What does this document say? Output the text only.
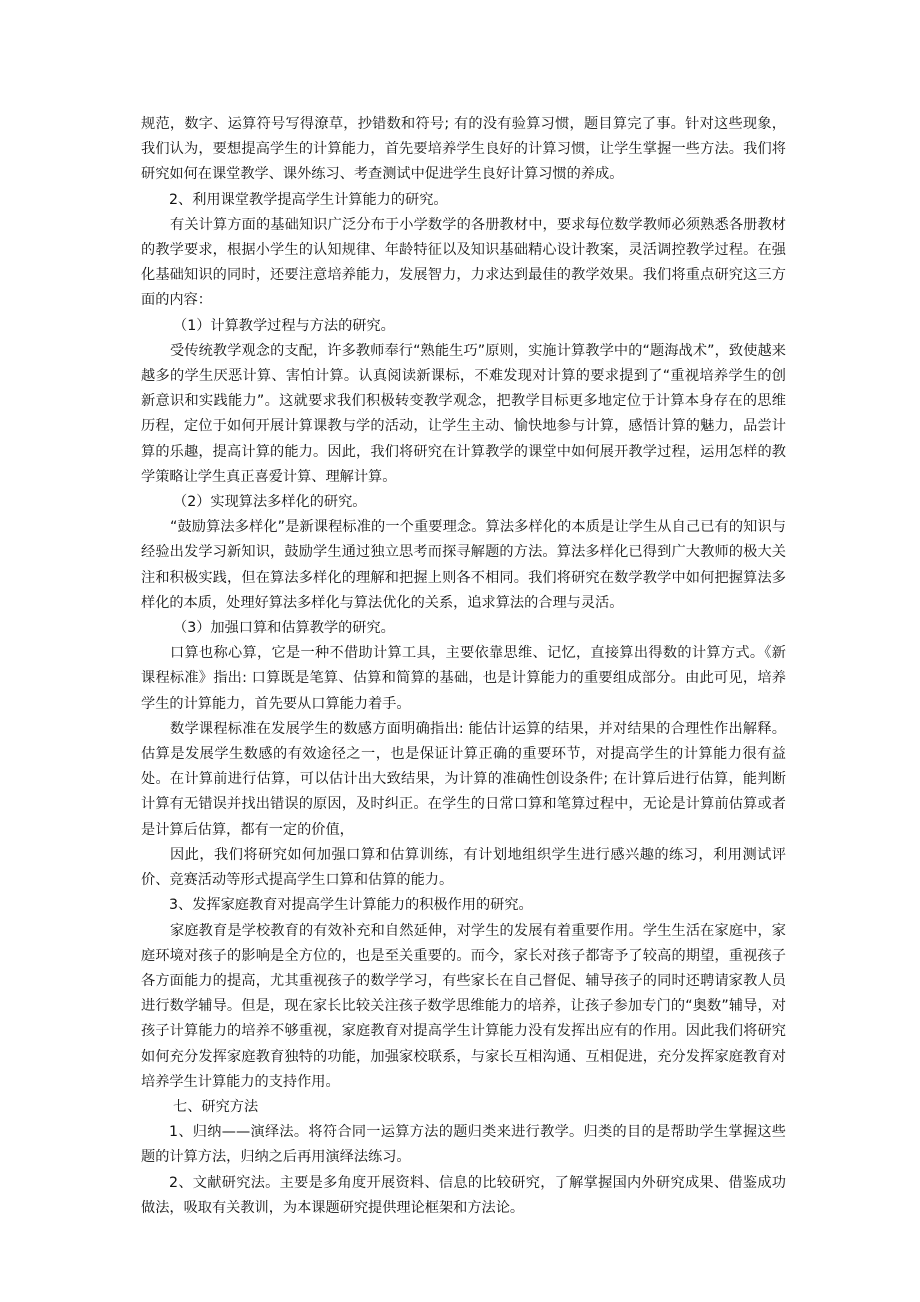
规范，数字、运算符号写得潦草，抄错数和符号; 有的没有验算习惯，题目算完了事。针对这些现象，我们认为，要想提高学生的计算能力，首先要培养学生良好的计算习惯，让学生掌握一些方法。我们将研究如何在课堂教学、课外练习、考查测试中促进学生良好计算习惯的养成。

2、利用课堂教学提高学生计算能力的研究。

有关计算方面的基础知识广泛分布于小学数学的各册教材中，要求每位数学教师必须熟悉各册教材的教学要求，根据小学生的认知规律、年龄特征以及知识基础精心设计教案，灵活调控教学过程。在强化基础知识的同时，还要注意培养能力，发展智力，力求达到最佳的教学效果。我们将重点研究这三方面的内容：

（1）计算教学过程与方法的研究。

受传统教学观念的支配，许多教师奉行“熟能生巧”原则，实施计算教学中的“题海战术”，致使越来越多的学生厌恶计算、害怕计算。认真阅读新课标，不难发现对计算的要求提到了“重视培养学生的创新意识和实践能力”。这就要求我们积极转变教学观念，把教学目标更多地定位于计算本身存在的思维历程，定位于如何开展计算课教与学的活动，让学生主动、愉快地参与计算，感悟计算的魅力，品尝计算的乐趣，提高计算的能力。因此，我们将研究在计算教学的课堂中如何展开教学过程，运用怎样的教学策略让学生真正喜爱计算、理解计算。

（2）实现算法多样化的研究。

“鼓励算法多样化”是新课程标准的一个重要理念。算法多样化的本质是让学生从自己已有的知识与经验出发学习新知识，鼓励学生通过独立思考而探寻解题的方法。算法多样化已得到广大教师的极大关注和积极实践，但在算法多样化的理解和把握上则各不相同。我们将研究在数学教学中如何把握算法多样化的本质，处理好算法多样化与算法优化的关系，追求算法的合理与灵活。

（3）加强口算和估算教学的研究。

口算也称心算，它是一种不借助计算工具，主要依靠思维、记忆，直接算出得数的计算方式。《新课程标准》指出: 口算既是笔算、估算和简算的基础，也是计算能力的重要组成部分。由此可见，培养学生的计算能力，首先要从口算能力着手。

数学课程标准在发展学生的数感方面明确指出: 能估计运算的结果，并对结果的合理性作出解释。估算是发展学生数感的有效途径之一，也是保证计算正确的重要环节，对提高学生的计算能力很有益处。在计算前进行估算，可以估计出大致结果，为计算的准确性创设条件; 在计算后进行估算，能判断计算有无错误并找出错误的原因，及时纠正。在学生的日常口算和笔算过程中，无论是计算前估算或者是计算后估算，都有一定的价值，

因此，我们将研究如何加强口算和估算训练，有计划地组织学生进行感兴趣的练习，利用测试评价、竞赛活动等形式提高学生口算和估算的能力。

3、发挥家庭教育对提高学生计算能力的积极作用的研究。

家庭教育是学校教育的有效补充和自然延伸，对学生的发展有着重要作用。学生生活在家庭中，家庭环境对孩子的影响是全方位的，也是至关重要的。而今，家长对孩子都寄予了较高的期望，重视孩子各方面能力的提高，尤其重视孩子的数学学习，有些家长在自己督促、辅导孩子的同时还聘请家教人员进行数学辅导。但是，现在家长比较关注孩子数学思维能力的培养，让孩子参加专门的“奥数”辅导，对孩子计算能力的培养不够重视，家庭教育对提高学生计算能力没有发挥出应有的作用。因此我们将研究如何充分发挥家庭教育独特的功能，加强家校联系，与家长互相沟通、互相促进，充分发挥家庭教育对培养学生计算能力的支持作用。

七、研究方法

1、归纳——演绎法。将符合同一运算方法的题归类来进行教学。归类的目的是帮助学生掌握这些题的计算方法，归纳之后再用演绎法练习。

2、文献研究法。主要是多角度开展资料、信息的比较研究，了解掌握国内外研究成果、借鉴成功做法，吸取有关教训，为本课题研究提供理论框架和方法论。
